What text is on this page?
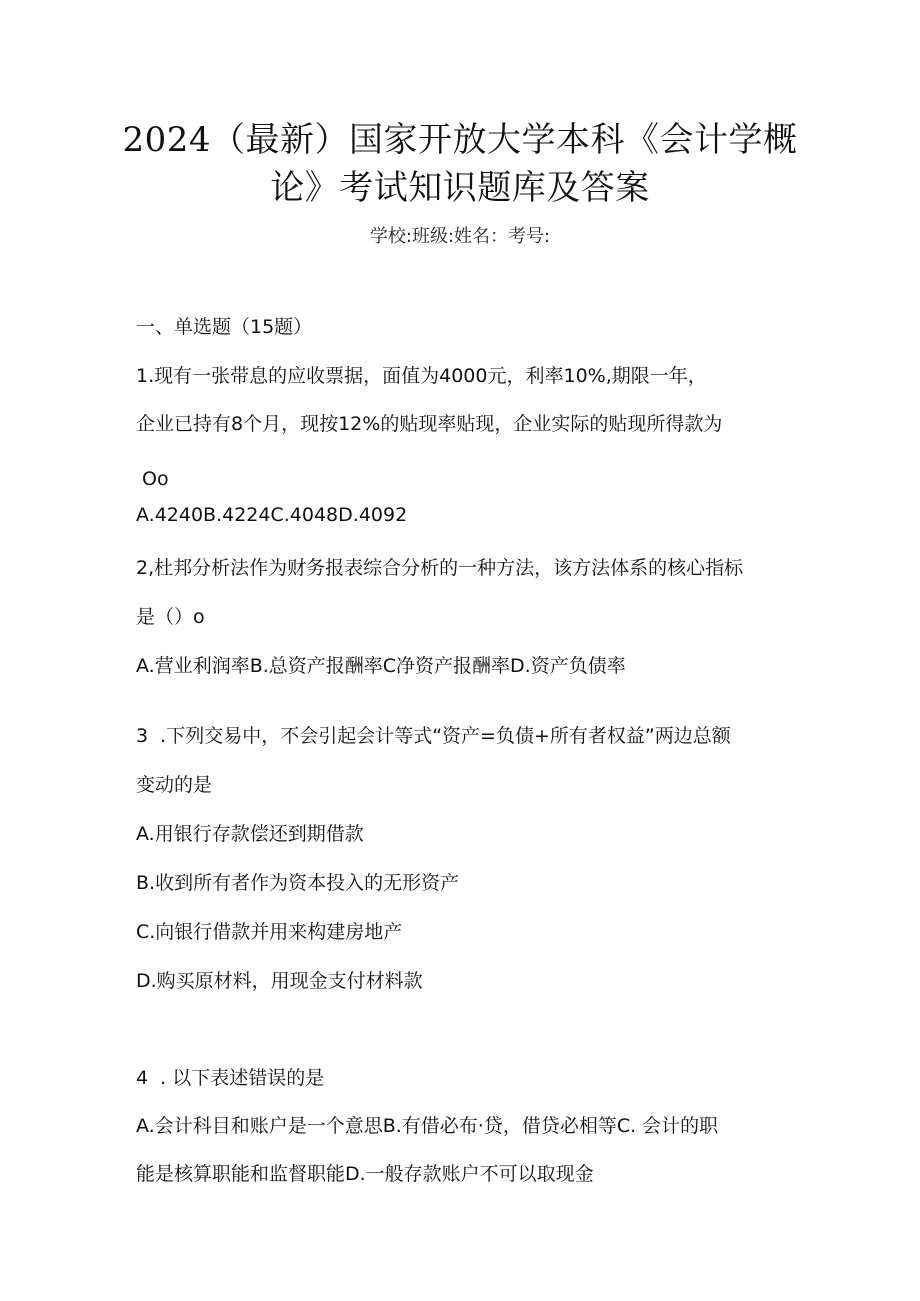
2024（最新）国家开放大学本科《会计学概
论》考试知识题库及答案
学校:班级:姓名：考号:
一、单选题（15题）
1.现有一张带息的应收票据，面值为4000元，利率10%,期限一年，
企业已持有8个月，现按12%的贴现率贴现，企业实际的贴现所得款为
Oo
A.4240B.4224C.4048D.4092
2,杜邦分析法作为财务报表综合分析的一种方法，该方法体系的核心指标
是（）o
A.营业利润率B.总资产报酬率C净资产报酬率D.资产负债率
3  .下列交易中，不会引起会计等式“资产=负债+所有者权益”两边总额
变动的是
A.用银行存款偿还到期借款
B.收到所有者作为资本投入的无形资产
C.向银行借款并用来构建房地产
D.购买原材料，用现金支付材料款
4  . 以下表述错误的是
A.会计科目和账户是一个意思B.有借必布·贷，借贷必相等C. 会计的职
能是核算职能和监督职能D.一般存款账户不可以取现金
